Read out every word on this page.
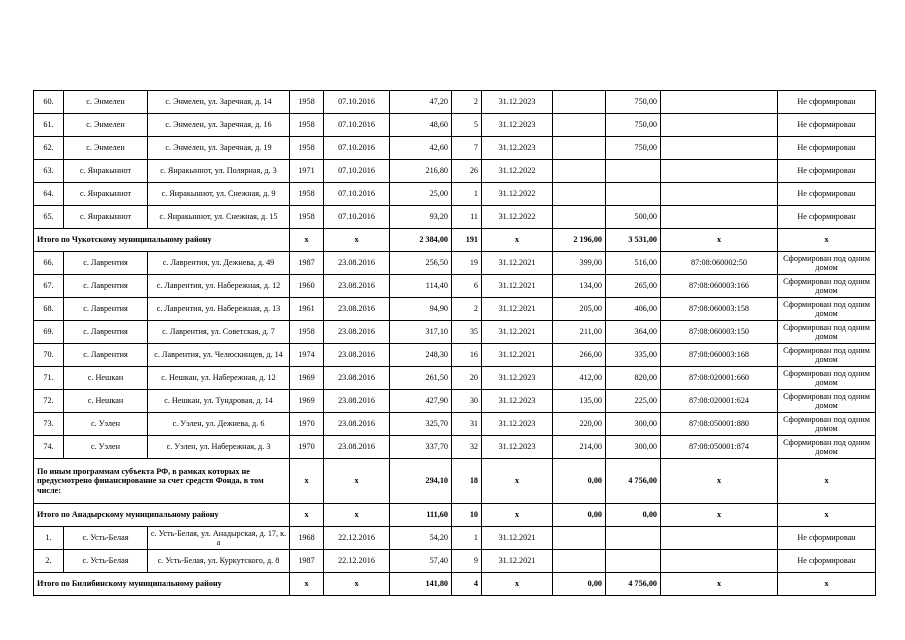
60.	с. Энмелен	с. Энмелен, ул. Заречная, д. 14	1958	07.10.2016	47,20	2	31.12.2023		750,00		Не сформирован
61.	с. Энмелен	с. Энмелен, ул. Заречная, д. 16	1958	07.10.2016	48,60	5	31.12.2023		750,00		Не сформирован
62.	с. Энмелен	с. Энмелен, ул. Заречная, д. 19	1958	07.10.2016	42,60	7	31.12.2023		750,00		Не сформирован
63.	с. Янракыннот	с. Янракыннот, ул. Полярная, д. 3	1971	07.10.2016	216,80	26	31.12.2022				Не сформирован
64.	с. Янракыннот	с. Янракыннот, ул. Снежная, д. 9	1958	07.10.2016	25,00	1	31.12.2022				Не сформирован
65.	с. Янракыннот	с. Янракыннот, ул. Снежная, д. 15	1958	07.10.2016	93,20	11	31.12.2022		500,00		Не сформирован
Итого по Чукотскому муниципальному району			x	x	2 384,00	191	x	2 196,00	3 531,00	x	x
66.	с. Лаврентия	с. Лаврентия, ул. Дежнева, д. 49	1987	23.08.2016	256,50	19	31.12.2021	399,00	516,00	87:08:060002:50	Сформирован под одним домом
67.	с. Лаврентия	с. Лаврентия, ул. Набережная, д. 12	1960	23.08.2016	114,40	6	31.12.2021	134,00	265,00	87:08:060003:166	Сформирован под одним домом
68.	с. Лаврентия	с. Лаврентия, ул. Набережная, д. 13	1961	23.08.2016	94,90	2	31.12.2021	205,00	406,00	87:08:060003:158	Сформирован под одним домом
69.	с. Лаврентия	с. Лаврентия, ул. Советская, д. 7	1958	23.08.2016	317,10	35	31.12.2021	211,00	364,00	87:08:060003:150	Сформирован под одним домом
70.	с. Лаврентия	с. Лаврентия, ул. Челюскинцев, д. 14	1974	23.08.2016	248,30	16	31.12.2021	266,00	335,00	87:08:060003:168	Сформирован под одним домом
71.	с. Нешкан	с. Нешкан, ул. Набережная, д. 12	1969	23.08.2016	261,50	20	31.12.2023	412,00	820,00	87:08:020001:660	Сформирован под одним домом
72.	с. Нешкан	с. Нешкан, ул. Тундровая, д. 14	1969	23.08.2016	427,90	30	31.12.2023	135,00	225,00	87:08:020001:624	Сформирован под одним домом
73.	с. Уэлен	с. Уэлен, ул. Дежнева, д. 6	1970	23.08.2016	325,70	31	31.12.2023	220,00	300,00	87:08:050001:880	Сформирован под одним домом
74.	с. Уэлен	с. Уэлен, ул. Набережная, д. 3	1970	23.08.2016	337,70	32	31.12.2023	214,00	300,00	87:08:050001:874	Сформирован под одним домом
По иным программам субъекта РФ, в рамках которых не предусмотрено финансирование за счет средств Фонда, в том числе:			x	x	294,10	18	x	0,00	4 756,00	x	x
Итого по Анадырскому муниципальному району			x	x	111,60	10	x	0,00	0,00	x	x
1.	с. Усть-Белая	с. Усть-Белая, ул. Анадырская, д. 17, к. а	1968	22.12.2016	54,20	1	31.12.2021				Не сформирован
2.	с. Усть-Белая	с. Усть-Белая, ул. Куркутского, д. 8	1987	22.12.2016	57,40	9	31.12.2021				Не сформирован
Итого по Билибинскому муниципальному району			x	x	141,80	4	x	0,00	4 756,00	x	x
